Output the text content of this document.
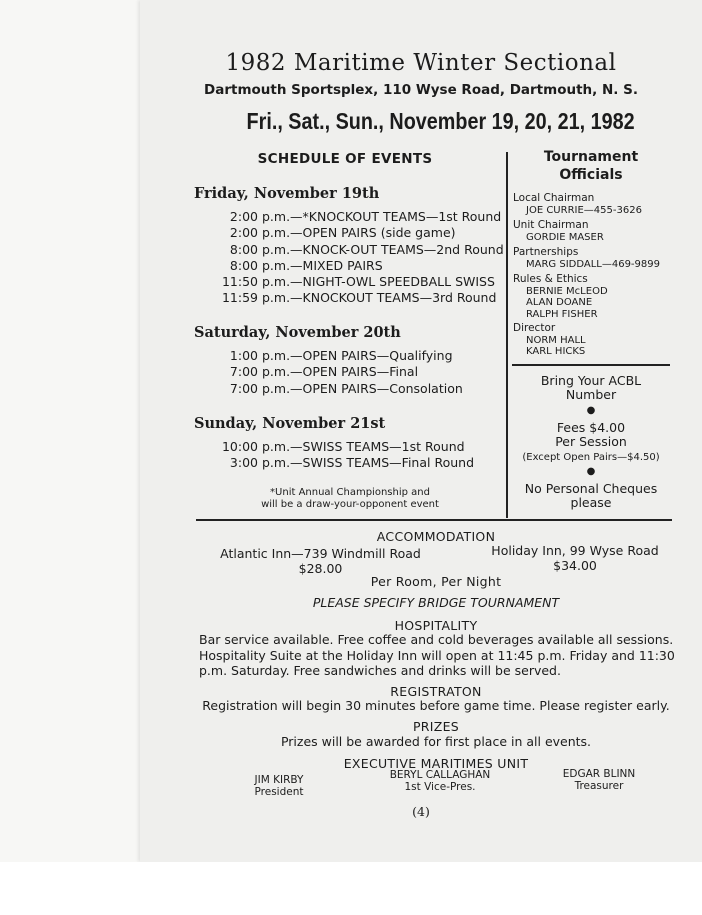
1982 Maritime Winter Sectional
Dartmouth Sportsplex, 110 Wyse Road, Dartmouth, N. S.
Fri., Sat., Sun., November 19, 20, 21, 1982
SCHEDULE OF EVENTS
Friday, November 19th
2:00 p.m.—*KNOCKOUT TEAMS—1st Round
2:00 p.m.—OPEN PAIRS (side game)
8:00 p.m.—KNOCK-OUT TEAMS—2nd Round
8:00 p.m.—MIXED PAIRS
11:50 p.m.—NIGHT-OWL SPEEDBALL SWISS
11:59 p.m.—KNOCKOUT TEAMS—3rd Round
Saturday, November 20th
1:00 p.m.—OPEN PAIRS—Qualifying
7:00 p.m.—OPEN PAIRS—Final
7:00 p.m.—OPEN PAIRS—Consolation
Sunday, November 21st
10:00 p.m.—SWISS TEAMS—1st Round
3:00 p.m.—SWISS TEAMS—Final Round
*Unit Annual Championship and
will be a draw-your-opponent event
Tournament
Officials
Local Chairman
JOE CURRIE—455-3626
Unit Chairman
GORDIE MASER
Partnerships
MARG SIDDALL—469-9899
Rules & Ethics
BERNIE McLEOD
ALAN DOANE
RALPH FISHER
Director
NORM HALL
KARL HICKS
Bring Your ACBL
Number
●
Fees $4.00
Per Session
(Except Open Pairs—$4.50)
●
No Personal Cheques
please
ACCOMMODATION
Atlantic Inn—739 Windmill Road
$28.00
Holiday Inn, 99 Wyse Road
$34.00
Per Room, Per Night
PLEASE SPECIFY BRIDGE TOURNAMENT
HOSPITALITY
Bar service available. Free coffee and cold beverages available all sessions. Hospitality Suite at the Holiday Inn will open at 11:45 p.m. Friday and 11:30 p.m. Saturday. Free sandwiches and drinks will be served.
REGISTRATON
Registration will begin 30 minutes before game time. Please register early.
PRIZES
Prizes will be awarded for first place in all events.
EXECUTIVE MARITIMES UNIT
JIM KIRBY
President
BERYL CALLAGHAN
1st Vice-Pres.
EDGAR BLINN
Treasurer
(4)
